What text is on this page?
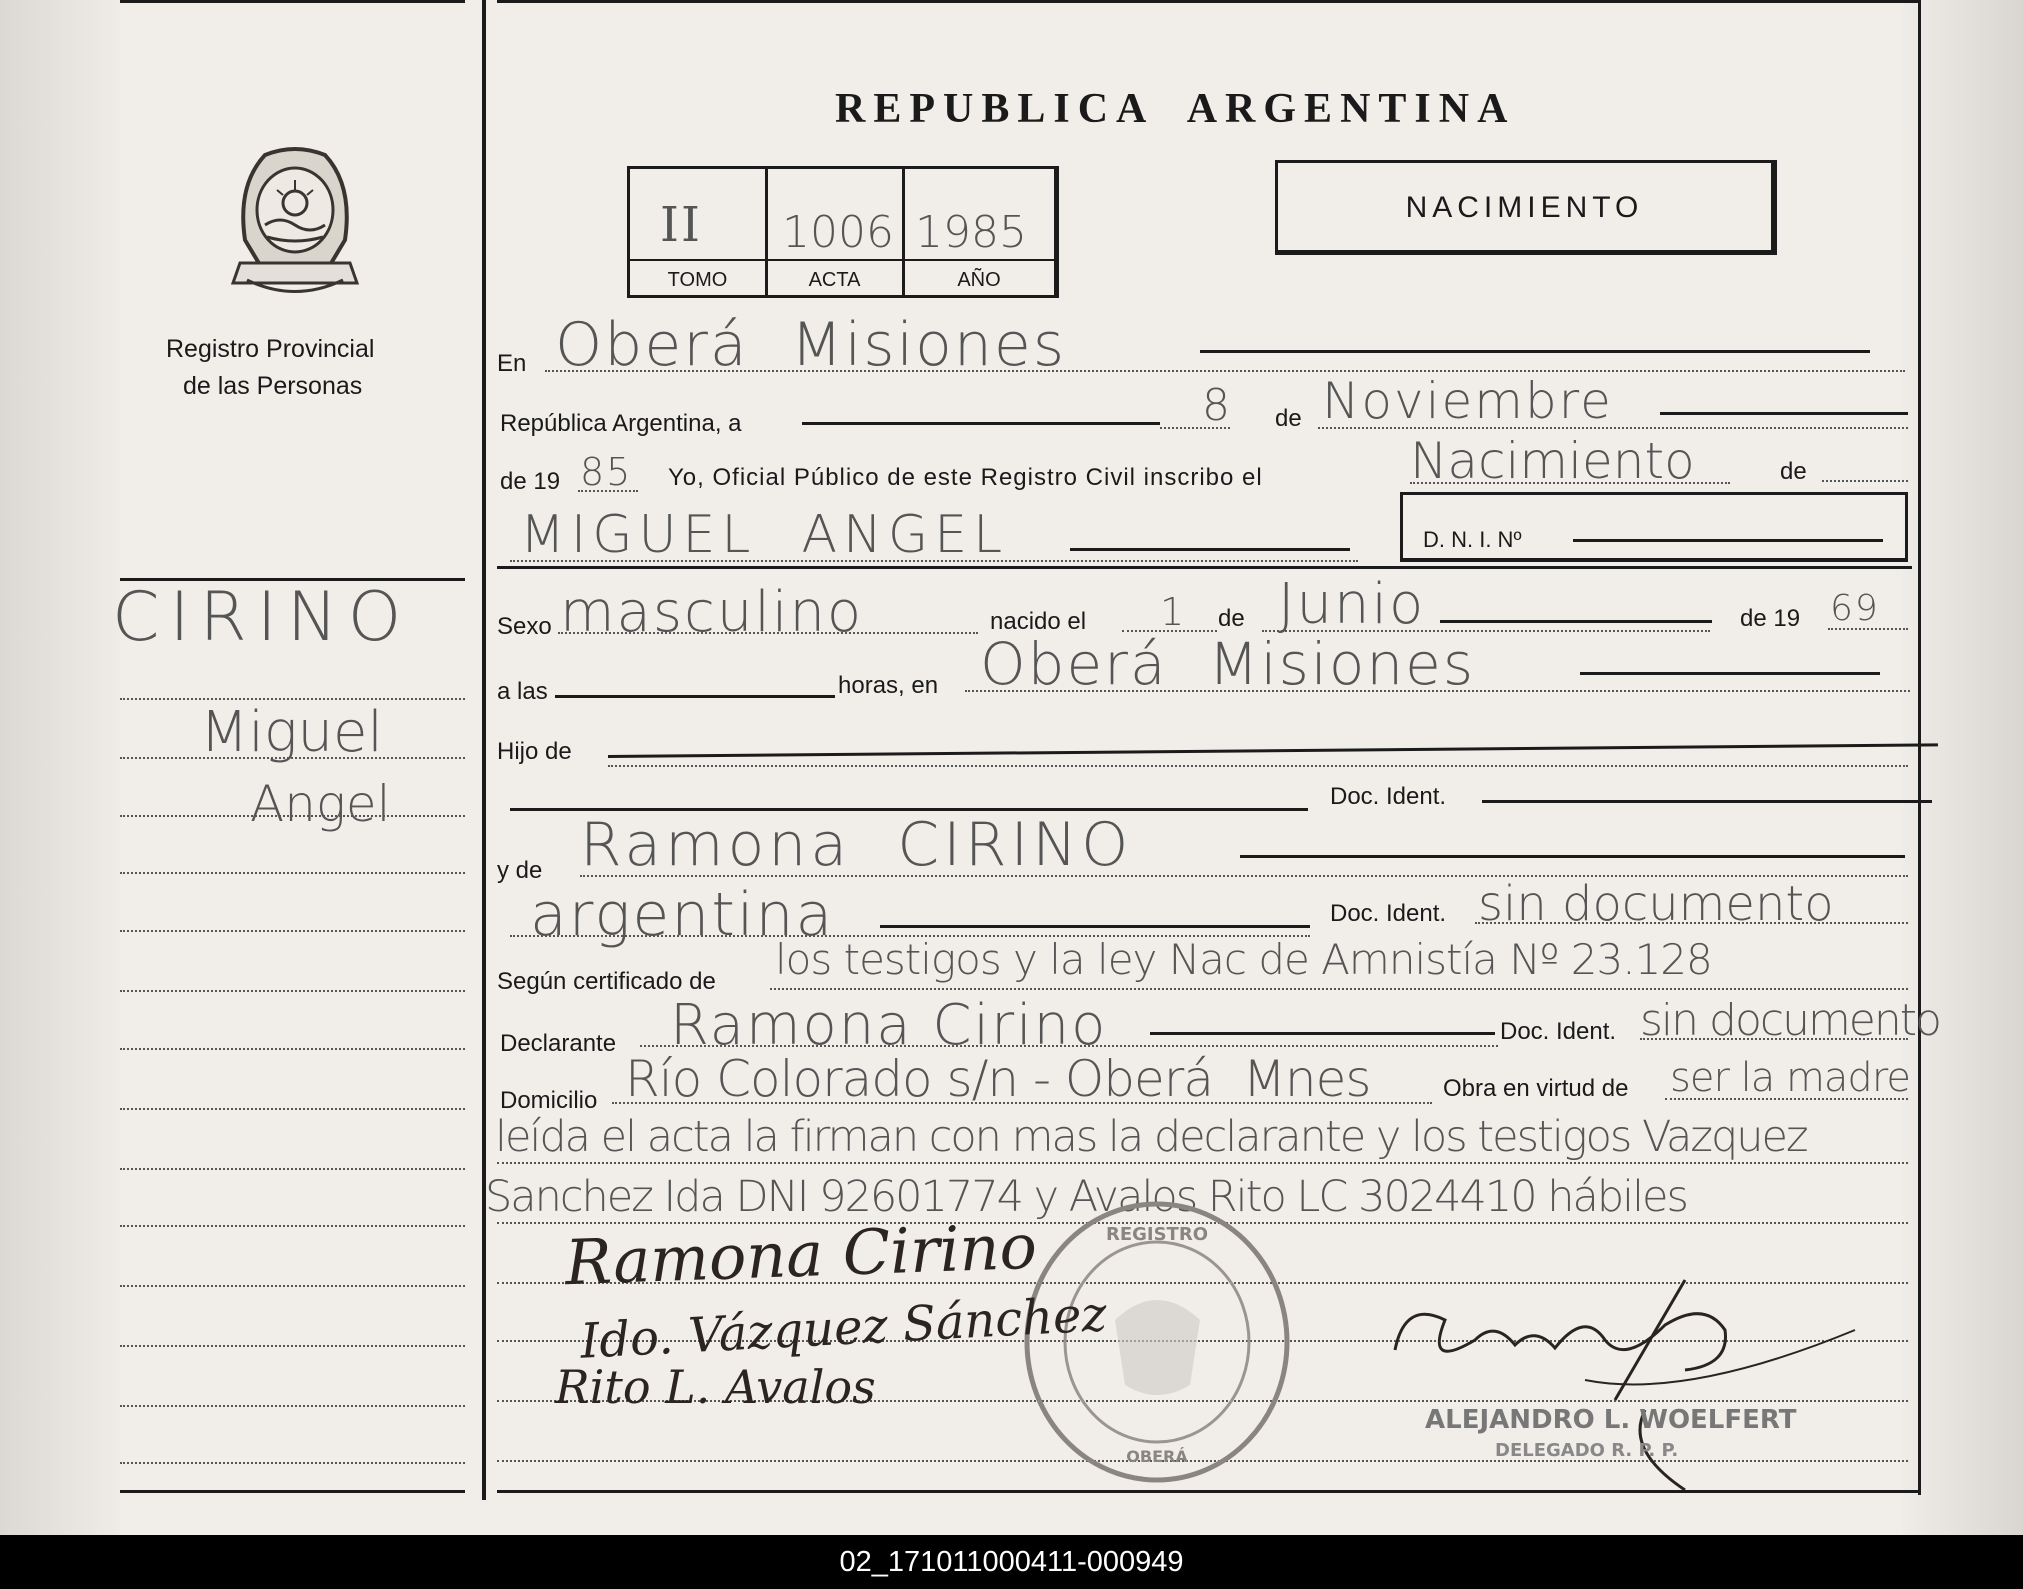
REPUBLICA  ARGENTINA
NACIMIENTO
II 1006 1985
TOMO	ACTA	AÑO
Registro Provincial
de las Personas
CIRINO
Miguel
Angel
En Oberá  Misiones
República Argentina, a	8 de Noviembre
de 19 85 Yo, Oficial Público de este Registro Civil inscribo el	Nacimiento	de
MIGUEL  ANGEL	D. N. I. Nº
Sexo masculino	nacido el 1 de Junio	de 19 69
a las	horas, en Oberá  Misiones
Hijo de
Doc. Ident.
y de Ramona  CIRINO
argentina	Doc. Ident. sin documento
Según certificado de los testigos y la ley Nac de Amnistía Nº 23.128
Declarante Ramona Cirino	Doc. Ident. sin documento
Domicilio Río Colorado s/n - Oberá  Mnes	Obra en virtud de ser la madre
leída el acta la firman con mas la declarante y los testigos Vazquez
Sanchez Ida DNI 92601774 y Avalos Rito LC 3024410 hábiles
REGISTRO
OBERÁ
Ramona Cirino
Ido. Vázquez Sánchez
Rito L. Avalos
ALEJANDRO L. WOELFERT
DELEGADO R. P. P.
02_171011000411-000949
